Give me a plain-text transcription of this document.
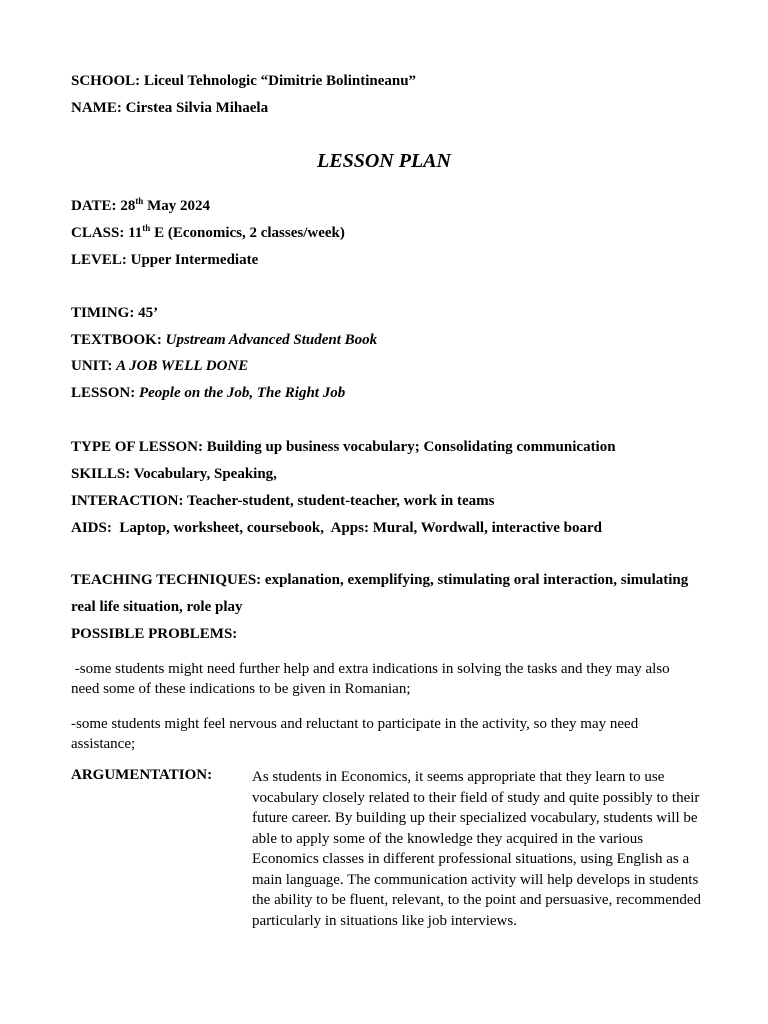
SCHOOL: Liceul Tehnologic “Dimitrie Bolintineanu”
NAME: Cirstea Silvia Mihaela
LESSON PLAN
DATE: 28th May 2024
CLASS: 11th E (Economics, 2 classes/week)
LEVEL: Upper Intermediate
TIMING: 45’
TEXTBOOK: Upstream Advanced Student Book
UNIT: A JOB WELL DONE
LESSON: People on the Job, The Right Job
TYPE OF LESSON: Building up business vocabulary; Consolidating communication
SKILLS: Vocabulary, Speaking,
INTERACTION: Teacher-student, student-teacher, work in teams
AIDS: Laptop, worksheet, coursebook,  Apps: Mural, Wordwall, interactive board
TEACHING TECHNIQUES: explanation, exemplifying, stimulating oral interaction, simulating
real life situation, role play
POSSIBLE PROBLEMS:
-some students might need further help and extra indications in solving the tasks and they may also need some of these indications to be given in Romanian;
-some students might feel nervous and reluctant to participate in the activity, so they may need assistance;
ARGUMENTATION:	As students in Economics, it seems appropriate that they learn to use vocabulary closely related to their field of study and quite possibly to their future career. By building up their specialized vocabulary, students will be able to apply some of the knowledge they acquired in the various Economics classes in different professional situations, using English as a main language. The communication activity will help develops in students the ability to be fluent, relevant, to the point and persuasive, recommended particularly in situations like job interviews.
